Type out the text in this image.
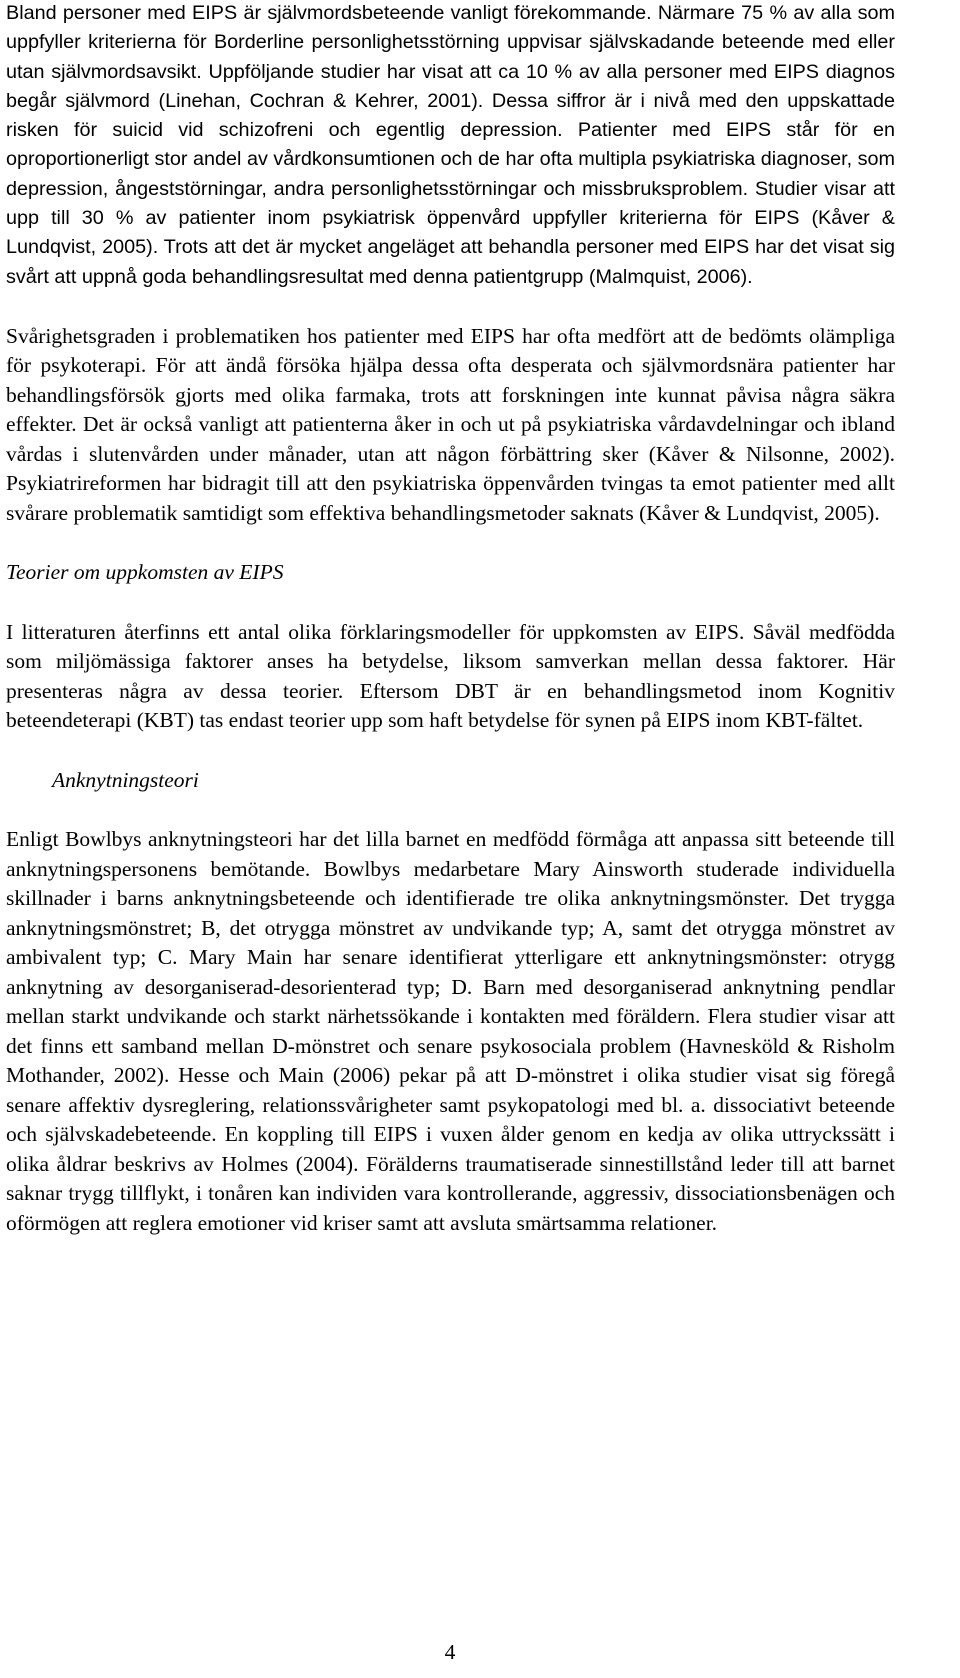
Bland personer med EIPS är självmordsbeteende vanligt förekommande. Närmare 75 % av alla som uppfyller kriterierna för Borderline personlighetsstörning uppvisar självskadande beteende med eller utan självmordsavsikt. Uppföljande studier har visat att ca 10 % av alla personer med EIPS diagnos begår självmord (Linehan, Cochran & Kehrer, 2001). Dessa siffror är i nivå med den uppskattade risken för suicid vid schizofreni och egentlig depression. Patienter med EIPS står för en oproportionerligt stor andel av vårdkonsumtionen och de har ofta multipla psykiatriska diagnoser, som depression, ångeststörningar, andra personlighetsstörningar och missbruksproblem. Studier visar att upp till 30 % av patienter inom psykiatrisk öppenvård uppfyller kriterierna för EIPS (Kåver & Lundqvist, 2005). Trots att det är mycket angeläget att behandla personer med EIPS har det visat sig svårt att uppnå goda behandlingsresultat med denna patientgrupp (Malmquist, 2006).

Svårighetsgraden i problematiken hos patienter med EIPS har ofta medfört att de bedömts olämpliga för psykoterapi. För att ändå försöka hjälpa dessa ofta desperata och självmordsnära patienter har behandlingsförsök gjorts med olika farmaka, trots att forskningen inte kunnat påvisa några säkra effekter. Det är också vanligt att patienterna åker in och ut på psykiatriska vårdavdelningar och ibland vårdas i slutenvården under månader, utan att någon förbättring sker (Kåver & Nilsonne, 2002). Psykiatrireformen har bidragit till att den psykiatriska öppenvården tvingas ta emot patienter med allt svårare problematik samtidigt som effektiva behandlingsmetoder saknats (Kåver & Lundqvist, 2005).

Teorier om uppkomsten av EIPS

I litteraturen återfinns ett antal olika förklaringsmodeller för uppkomsten av EIPS. Såväl medfödda som miljömässiga faktorer anses ha betydelse, liksom samverkan mellan dessa faktorer. Här presenteras några av dessa teorier. Eftersom DBT är en behandlingsmetod inom Kognitiv beteendeterapi (KBT) tas endast teorier upp som haft betydelse för synen på EIPS inom KBT-fältet.

Anknytningsteori

Enligt Bowlbys anknytningsteori har det lilla barnet en medfödd förmåga att anpassa sitt beteende till anknytningspersonens bemötande. Bowlbys medarbetare Mary Ainsworth studerade individuella skillnader i barns anknytningsbeteende och identifierade tre olika anknytningsmönster. Det trygga anknytningsmönstret; B, det otrygga mönstret av undvikande typ; A, samt det otrygga mönstret av ambivalent typ; C. Mary Main har senare identifierat ytterligare ett anknytningsmönster: otrygg anknytning av desorganiserad-desorienterad typ; D. Barn med desorganiserad anknytning pendlar mellan starkt undvikande och starkt närhetssökande i kontakten med föräldern. Flera studier visar att det finns ett samband mellan D-mönstret och senare psykosociala problem (Havnesköld & Risholm Mothander, 2002). Hesse och Main (2006) pekar på att D-mönstret i olika studier visat sig föregå senare affektiv dysreglering, relationssvårigheter samt psykopatologi med bl. a. dissociativt beteende och självskadebeteende. En koppling till EIPS i vuxen ålder genom en kedja av olika uttryckssätt i olika åldrar beskrivs av Holmes (2004). Förälderns traumatiserade sinnestillstånd leder till att barnet saknar trygg tillflykt, i tonåren kan individen vara kontrollerande, aggressiv, dissociationsbenägen och oförmögen att reglera emotioner vid kriser samt att avsluta smärtsamma relationer.

4
